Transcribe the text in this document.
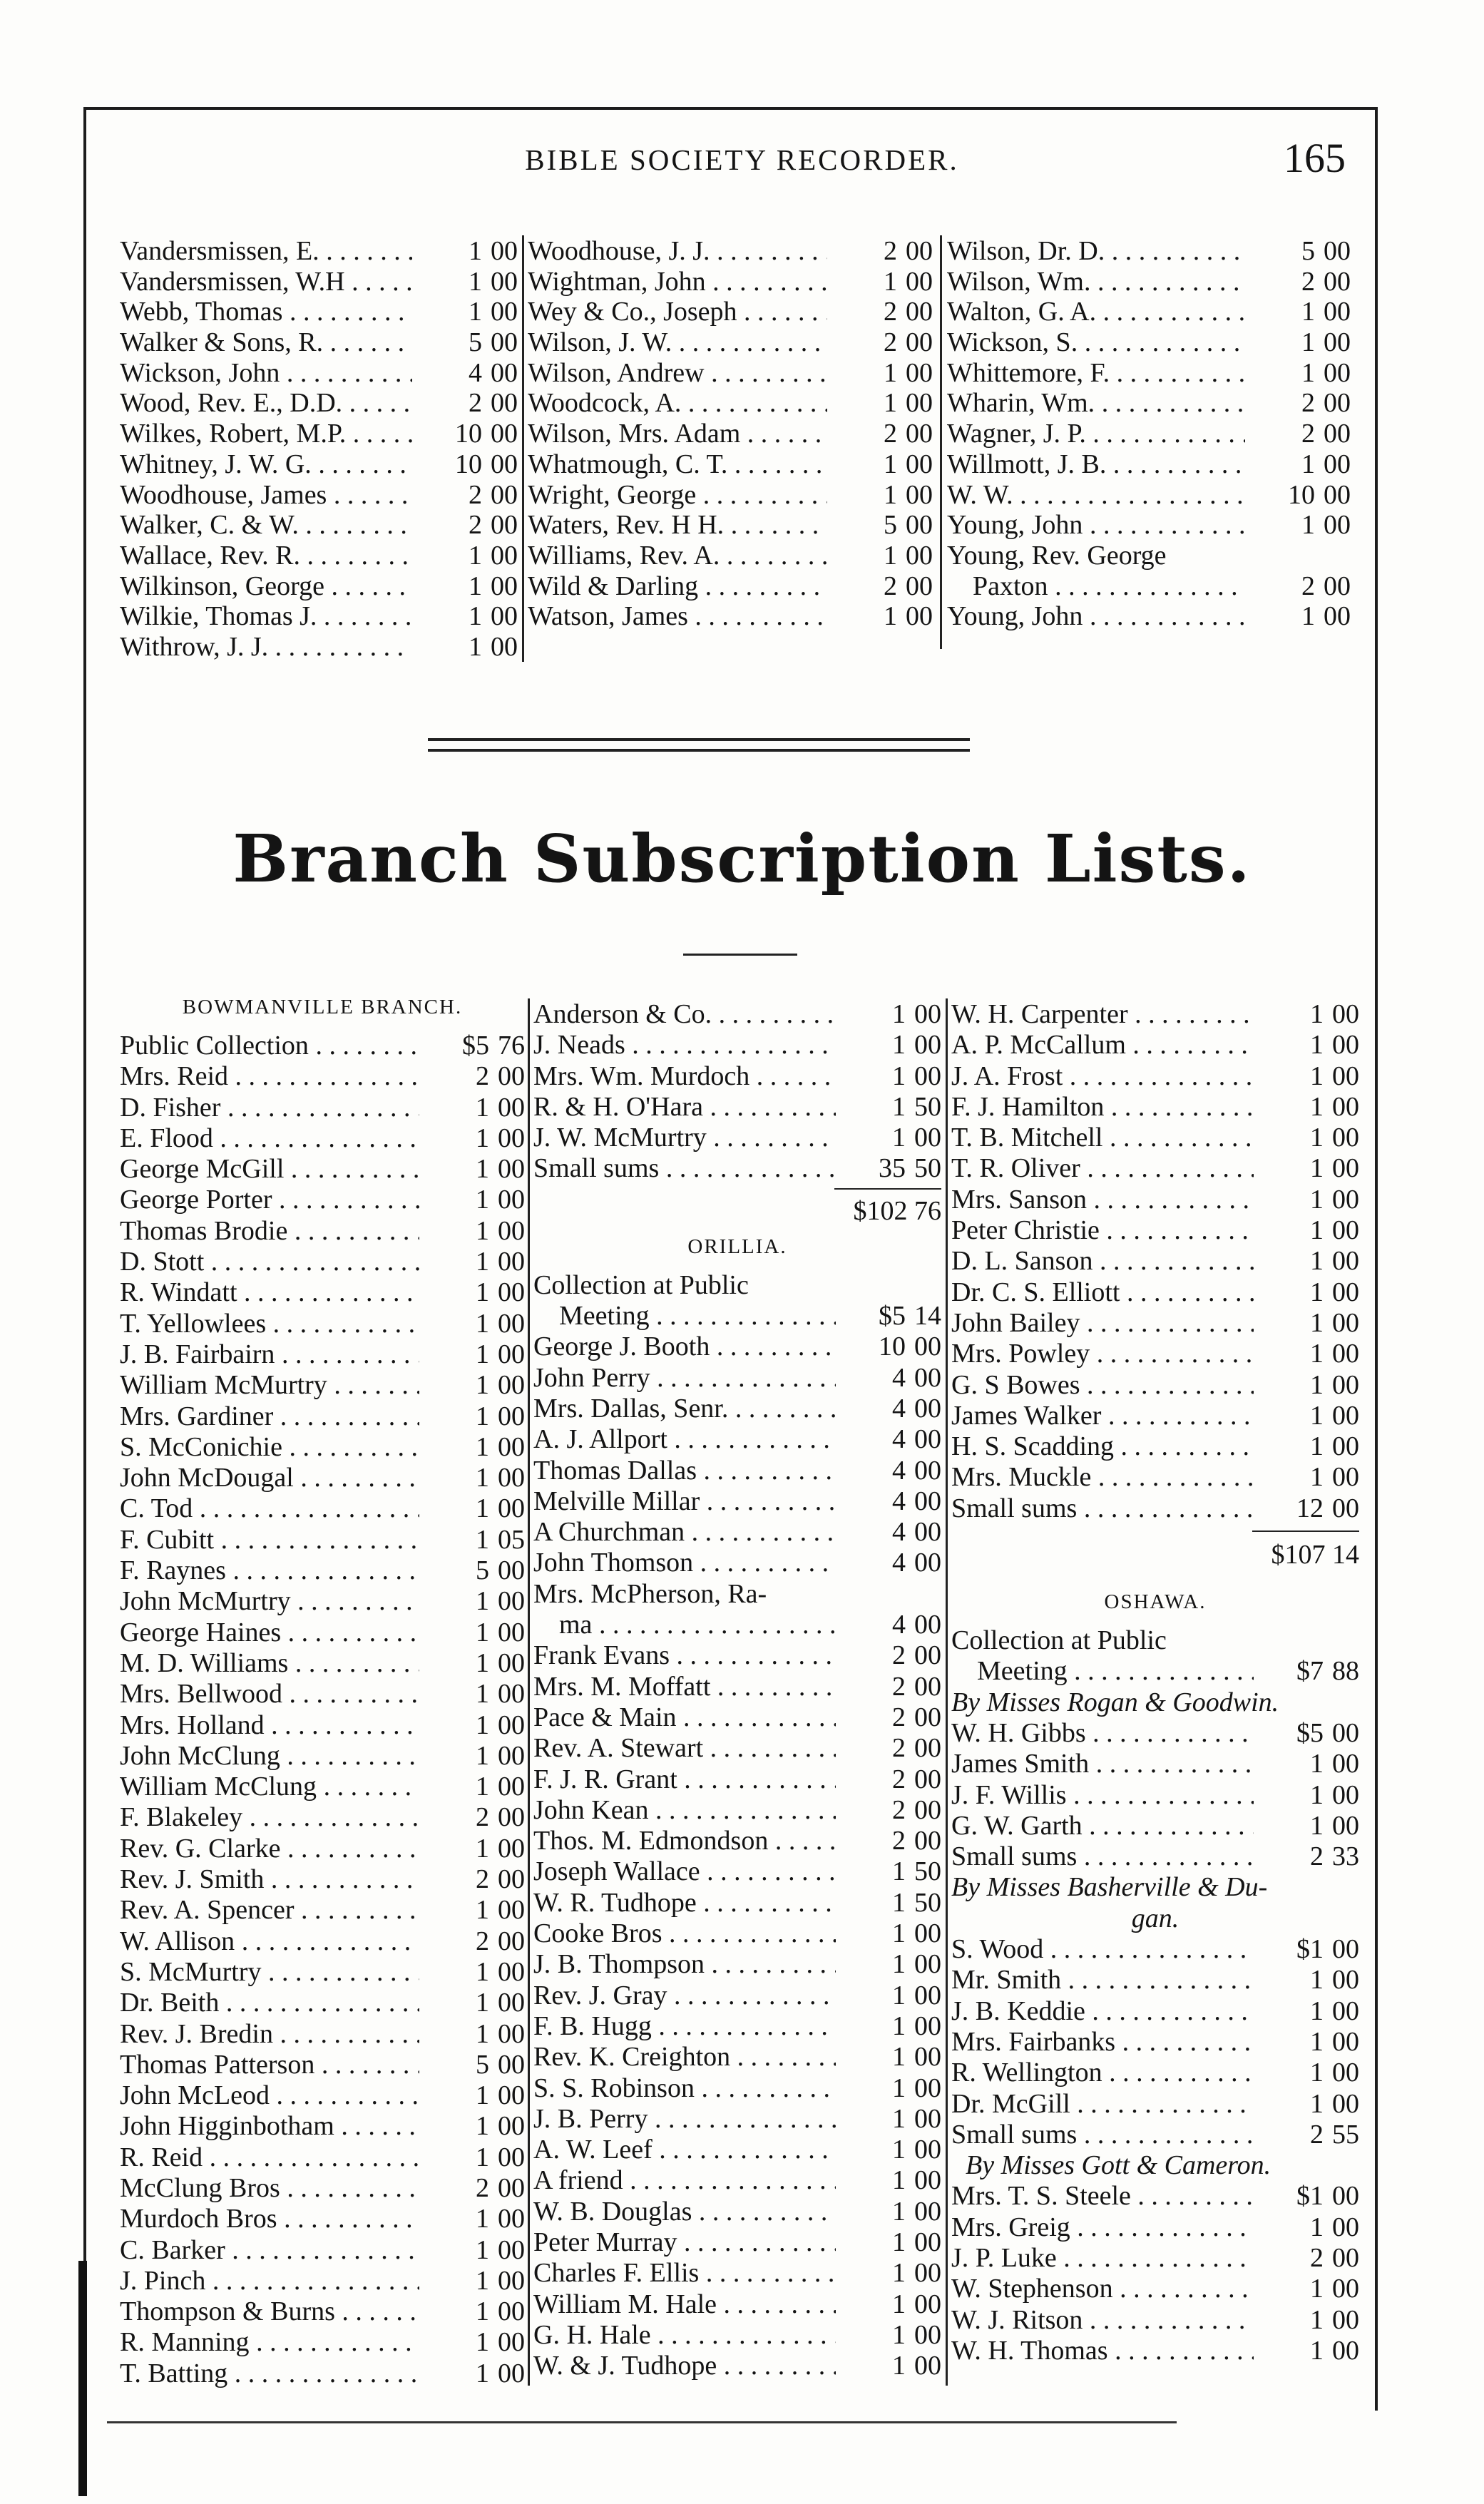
BIBLE SOCIETY RECORDER.	165
Vandersmissen, E. . . .	1 00
Vandersmissen, W.H . . .	1 00
Webb, Thomas . . .	1 00
Walker & Sons, R. . . .	5 00
Wickson, John . . .	4 00
Wood, Rev. E., D.D. . . .	2 00
Wilkes, Robert, M.P. . . .	10 00
Whitney, J. W. G. . . .	10 00
Woodhouse, James . . .	2 00
Walker, C. & W. . . .	2 00
Wallace, Rev. R. . . .	1 00
Wilkinson, George . . .	1 00
Wilkie, Thomas J. . . .	1 00
Withrow, J. J. . . .	1 00
Woodhouse, J. J. . . .	2 00
Wightman, John . . .	1 00
Wey & Co., Joseph . . .	2 00
Wilson, J. W. . . .	2 00
Wilson, Andrew . . .	1 00
Woodcock, A. . . .	1 00
Wilson, Mrs. Adam . . .	2 00
Whatmough, C. T. . . .	1 00
Wright, George . . .	1 00
Waters, Rev. H H. . . .	5 00
Williams, Rev. A. . . .	1 00
Wild & Darling . . .	2 00
Watson, James . . .	1 00
Wilson, Dr. D. . . .	5 00
Wilson, Wm. . . .	2 00
Walton, G. A. . . .	1 00
Wickson, S. . . .	1 00
Whittemore, F. . . .	1 00
Wharin, Wm. . . .	2 00
Wagner, J. P. . . .	2 00
Willmott, J. B. . . .	1 00
W. W. . . .	10 00
Young, John . . .	1 00
Young, Rev. George
Paxton . . .	2 00
Young, John . . .	1 00
Branch Subscription Lists.
BOWMANVILLE BRANCH.
Public Collection . . .	$5 76
Mrs. Reid . . .	2 00
D. Fisher . . .	1 00
E. Flood . . .	1 00
George McGill . . .	1 00
George Porter . . .	1 00
Thomas Brodie . . .	1 00
D. Stott . . .	1 00
R. Windatt . . .	1 00
T. Yellowlees . . .	1 00
J. B. Fairbairn . . .	1 00
William McMurtry . . .	1 00
Mrs. Gardiner . . .	1 00
S. McConichie . . .	1 00
John McDougal . . .	1 00
C. Tod . . .	1 00
F. Cubitt . . .	1 05
F. Raynes . . .	5 00
John McMurtry . . .	1 00
George Haines . . .	1 00
M. D. Williams . . .	1 00
Mrs. Bellwood . . .	1 00
Mrs. Holland . . .	1 00
John McClung . . .	1 00
William McClung . . .	1 00
F. Blakeley . . .	2 00
Rev. G. Clarke . . .	1 00
Rev. J. Smith . . .	2 00
Rev. A. Spencer . . .	1 00
W. Allison . . .	2 00
S. McMurtry . . .	1 00
Dr. Beith . . .	1 00
Rev. J. Bredin . . .	1 00
Thomas Patterson . . .	5 00
John McLeod . . .	1 00
John Higginbotham . . .	1 00
R. Reid . . .	1 00
McClung Bros . . .	2 00
Murdoch Bros . . .	1 00
C. Barker . . .	1 00
J. Pinch . . .	1 00
Thompson & Burns . . .	1 00
R. Manning . . .	1 00
T. Batting . . .	1 00
Anderson & Co. . . .	1 00
J. Neads . . .	1 00
Mrs. Wm. Murdoch . . .	1 00
R. & H. O'Hara . . .	1 50
J. W. McMurtry . . .	1 00
Small sums . . .	35 50
$102 76
ORILLIA.
Collection at Public
Meeting . . .	$5 14
George J. Booth . . .	10 00
John Perry . . .	4 00
Mrs. Dallas, Senr. . . .	4 00
A. J. Allport . . .	4 00
Thomas Dallas . . .	4 00
Melville Millar . . .	4 00
A Churchman . . .	4 00
John Thomson . . .	4 00
Mrs. McPherson, Ra-
ma . . .	4 00
Frank Evans . . .	2 00
Mrs. M. Moffatt . . .	2 00
Pace & Main . . .	2 00
Rev. A. Stewart . . .	2 00
F. J. R. Grant . . .	2 00
John Kean . . .	2 00
Thos. M. Edmondson . . .	2 00
Joseph Wallace . . .	1 50
W. R. Tudhope . . .	1 50
Cooke Bros . . .	1 00
J. B. Thompson . . .	1 00
Rev. J. Gray . . .	1 00
F. B. Hugg . . .	1 00
Rev. K. Creighton . . .	1 00
S. S. Robinson . . .	1 00
J. B. Perry . . .	1 00
A. W. Leef . . .	1 00
A friend . . .	1 00
W. B. Douglas . . .	1 00
Peter Murray . . .	1 00
Charles F. Ellis . . .	1 00
William M. Hale . . .	1 00
G. H. Hale . . .	1 00
W. & J. Tudhope . . .	1 00
W. H. Carpenter . . .	1 00
A. P. McCallum . . .	1 00
J. A. Frost . . .	1 00
F. J. Hamilton . . .	1 00
T. B. Mitchell . . .	1 00
T. R. Oliver . . .	1 00
Mrs. Sanson . . .	1 00
Peter Christie . . .	1 00
D. L. Sanson . . .	1 00
Dr. C. S. Elliott . . .	1 00
John Bailey . . .	1 00
Mrs. Powley . . .	1 00
G. S Bowes . . .	1 00
James Walker . . .	1 00
H. S. Scadding . . .	1 00
Mrs. Muckle . . .	1 00
Small sums . . .	12 00
$107 14
OSHAWA.
Collection at Public
Meeting . . .	$7 88
By Misses Rogan & Goodwin.
W. H. Gibbs . . .	$5 00
James Smith . . .	1 00
J. F. Willis . . .	1 00
G. W. Garth . . .	1 00
Small sums . . .	2 33
By Misses Basherville & Du-
gan.
S. Wood . . .	$1 00
Mr. Smith . . .	1 00
J. B. Keddie . . .	1 00
Mrs. Fairbanks . . .	1 00
R. Wellington . . .	1 00
Dr. McGill . . .	1 00
Small sums . . .	2 55
By Misses Gott & Cameron.
Mrs. T. S. Steele . . .	$1 00
Mrs. Greig . . .	1 00
J. P. Luke . . .	2 00
W. Stephenson . . .	1 00
W. J. Ritson . . .	1 00
W. H. Thomas . . .	1 00
